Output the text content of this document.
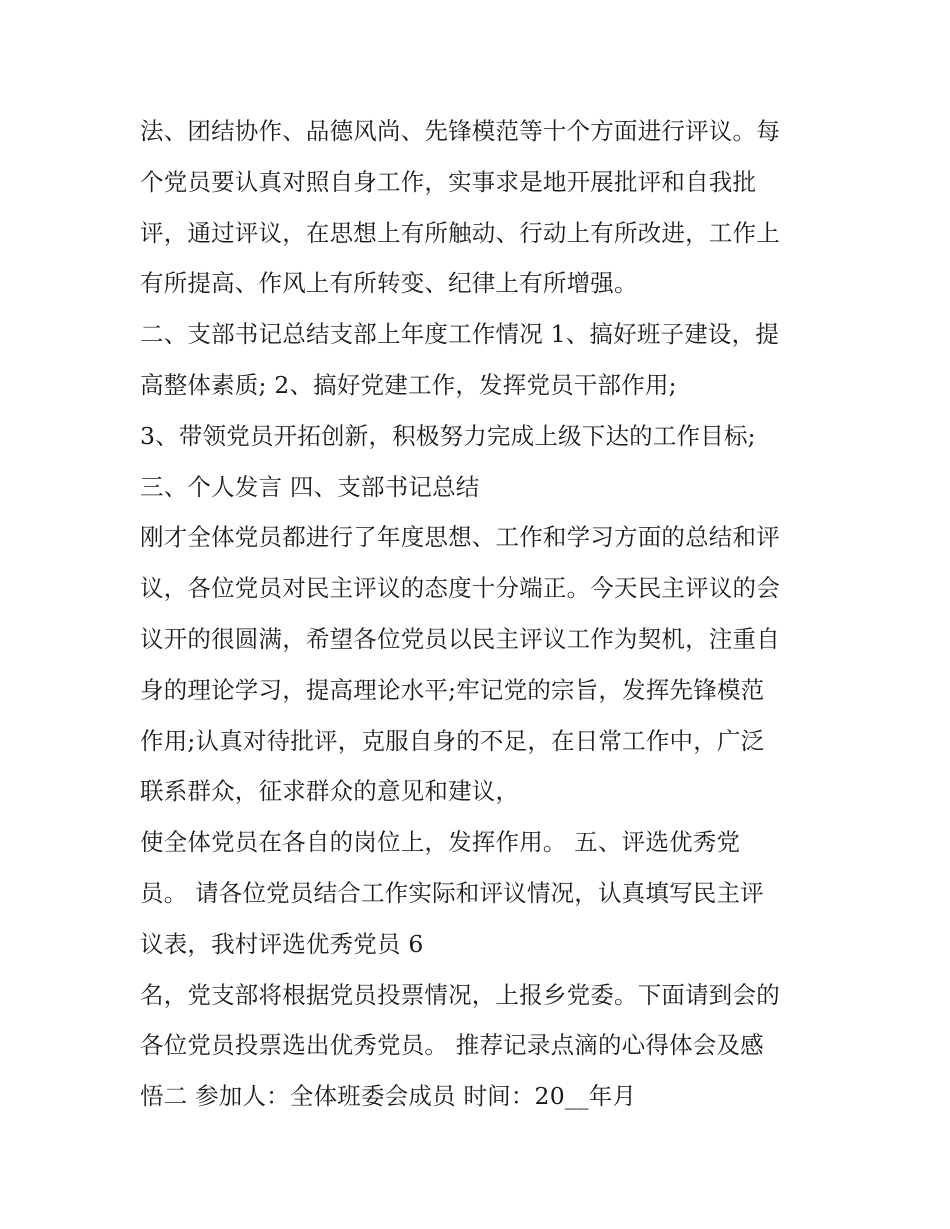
法、团结协作、品德风尚、先锋模范等十个方面进行评议。每
个党员要认真对照自身工作，实事求是地开展批评和自我批
评，通过评议，在思想上有所触动、行动上有所改进，工作上
有所提高、作风上有所转变、纪律上有所增强。
二、支部书记总结支部上年度工作情况 1、搞好班子建设，提
高整体素质; 2、搞好党建工作，发挥党员干部作用;
3、带领党员开拓创新，积极努力完成上级下达的工作目标;
三、个人发言 四、支部书记总结
刚才全体党员都进行了年度思想、工作和学习方面的总结和评
议，各位党员对民主评议的态度十分端正。今天民主评议的会
议开的很圆满，希望各位党员以民主评议工作为契机，注重自
身的理论学习，提高理论水平;牢记党的宗旨，发挥先锋模范
作用;认真对待批评，克服自身的不足，在日常工作中，广泛
联系群众，征求群众的意见和建议，
使全体党员在各自的岗位上，发挥作用。 五、评选优秀党
员。 请各位党员结合工作实际和评议情况，认真填写民主评
议表，我村评选优秀党员 6
名，党支部将根据党员投票情况，上报乡党委。下面请到会的
各位党员投票选出优秀党员。 推荐记录点滴的心得体会及感
悟二 参加人：全体班委会成员 时间：20__年月
